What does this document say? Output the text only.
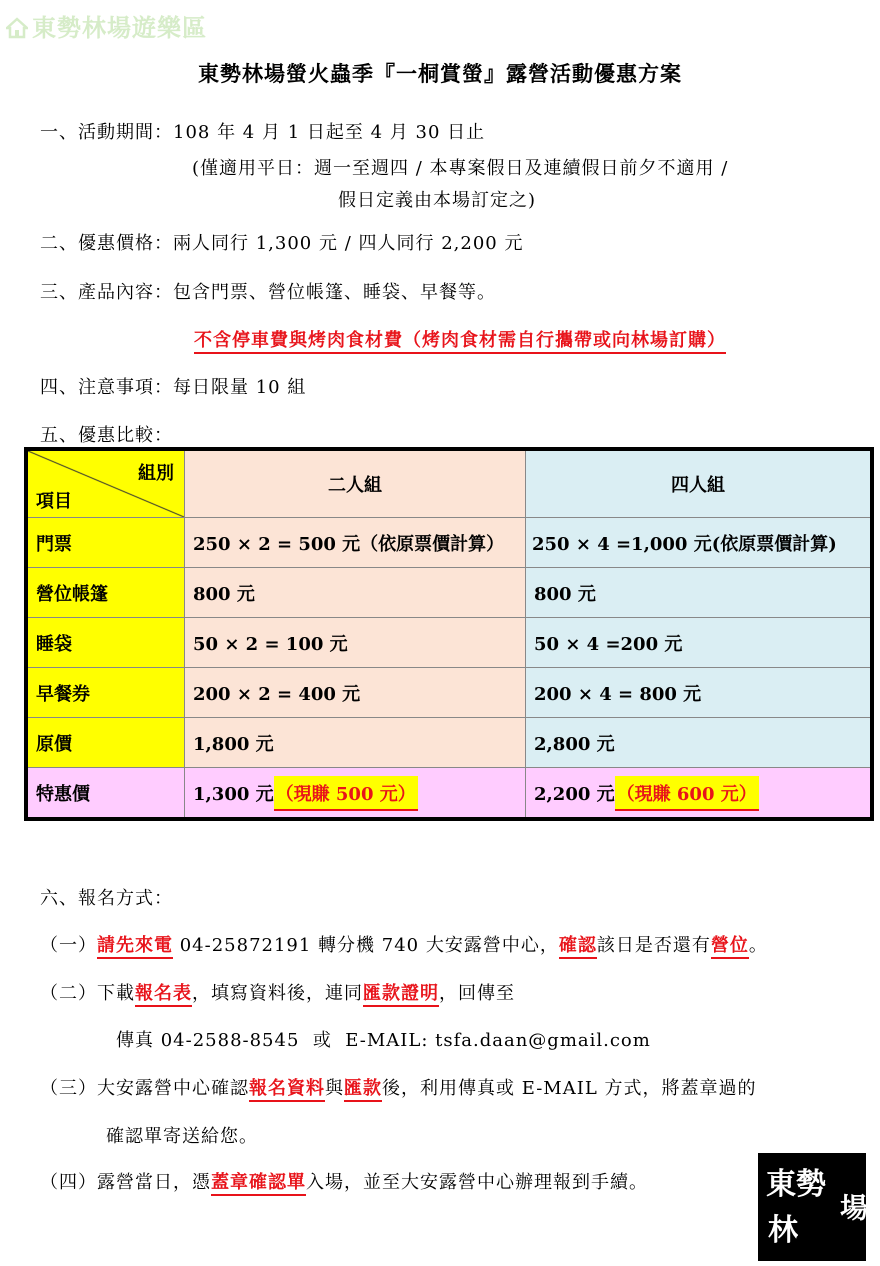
東勢林場遊樂區
東勢林場螢火蟲季『一桐賞螢』露營活動優惠方案
一、活動期間：108 年 4 月 1 日起至 4 月 30 日止
(僅適用平日：週一至週四 / 本專案假日及連續假日前夕不適用 /
假日定義由本場訂定之)
二、優惠價格：兩人同行 1,300 元 / 四人同行 2,200 元
三、產品內容：包含門票、營位帳篷、睡袋、早餐等。
不含停車費與烤肉食材費（烤肉食材需自行攜帶或向林場訂購）
四、注意事項：每日限量 10 組
五、優惠比較：
組別
項目	二人組	四人組
門票	250 × 2 = 500 元（依原票價計算）	250 × 4 =1,000 元(依原票價計算)
營位帳篷	800 元	800 元
睡袋	50 × 2 = 100 元	50 × 4 =200 元
早餐券	200 × 2 = 400 元	200 × 4 = 800 元
原價	1,800 元	2,800 元
特惠價	1,300 元 （現賺 500 元）	2,200 元 （現賺 600 元）
六、報名方式：
（一）請先來電 04-25872191 轉分機 740 大安露營中心，確認該日是否還有營位。
（二）下載報名表，填寫資料後，連同匯款證明，回傳至
傳真 04-2588-8545  或  E-MAIL: tsfa.daan@gmail.com
（三）大安露營中心確認報名資料與匯款後，利用傳真或 E-MAIL 方式，將蓋章過的
確認單寄送給您。
（四）露營當日，憑蓋章確認單入場，並至大安露營中心辦理報到手續。	東勢
林
場
